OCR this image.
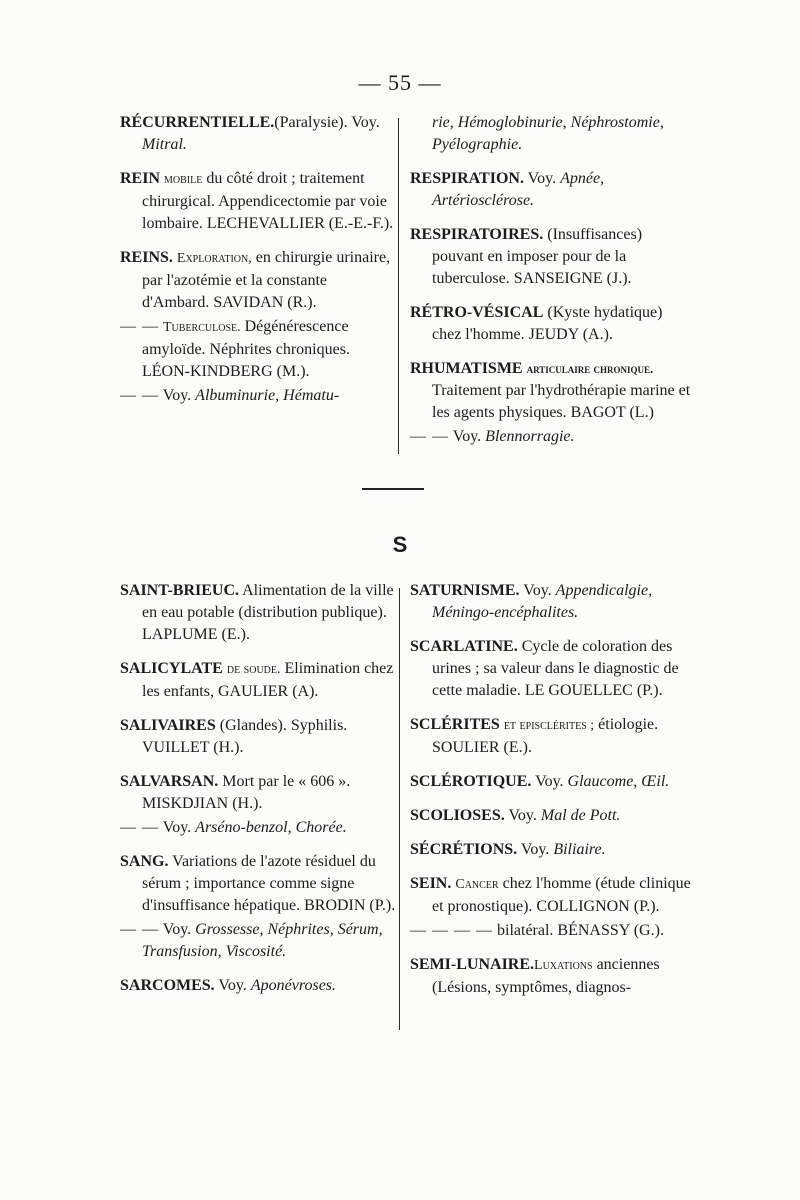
— 55 —

RÉCURRENTIELLE.(Paralysie). Voy. Mitral.

REIN mobile du côté droit ; traitement chirurgical. Appendicectomie par voie lombaire. LECHEVALLIER (E.-E.-F.).

REINS. Exploration, en chirurgie urinaire, par l'azotémie et la constante d'Ambard. SAVIDAN (R.).

— — Tuberculose. Dégénérescence amyloïde. Néphrites chroniques. LÉON-KINDBERG (M.).

— — Voy. Albuminurie, Hématu-

rie, Hémoglobinurie, Néphrostomie, Pyélographie.

RESPIRATION. Voy. Apnée, Artériosclérose.

RESPIRATOIRES. (Insuffisances) pouvant en imposer pour de la tuberculose. SANSEIGNE (J.).

RÉTRO-VÉSICAL (Kyste hydatique) chez l'homme. JEUDY (A.).

RHUMATISME articulaire chronique. Traitement par l'hydrothérapie marine et les agents physiques. BAGOT (L.)

— — Voy. Blennorragie.

S

SAINT-BRIEUC. Alimentation de la ville en eau potable (distribution publique). LAPLUME (E.).

SALICYLATE de soude. Elimination chez les enfants, GAULIER (A).

SALIVAIRES (Glandes). Syphilis. VUILLET (H.).

SALVARSAN. Mort par le « 606 ». MISKDJIAN (H.).

— — Voy. Arséno-benzol, Chorée.

SANG. Variations de l'azote résiduel du sérum ; importance comme signe d'insuffisance hépatique. BRODIN (P.).

— — Voy. Grossesse, Néphrites, Sérum, Transfusion, Viscosité.

SARCOMES. Voy. Aponévroses.

SATURNISME. Voy. Appendicalgie, Méningo-encéphalites.

SCARLATINE. Cycle de coloration des urines ; sa valeur dans le diagnostic de cette maladie. LE GOUELLEC (P.).

SCLÉRITES et episclérites ; étiologie. SOULIER (E.).

SCLÉROTIQUE. Voy. Glaucome, Œil.

SCOLIOSES. Voy. Mal de Pott.

SÉCRÉTIONS. Voy. Biliaire.

SEIN. Cancer chez l'homme (étude clinique et pronostique). COLLIGNON (P.).

— — — — bilatéral. BÉNASSY (G.).

SEMI-LUNAIRE.Luxations anciennes (Lésions, symptômes, diagnos-
